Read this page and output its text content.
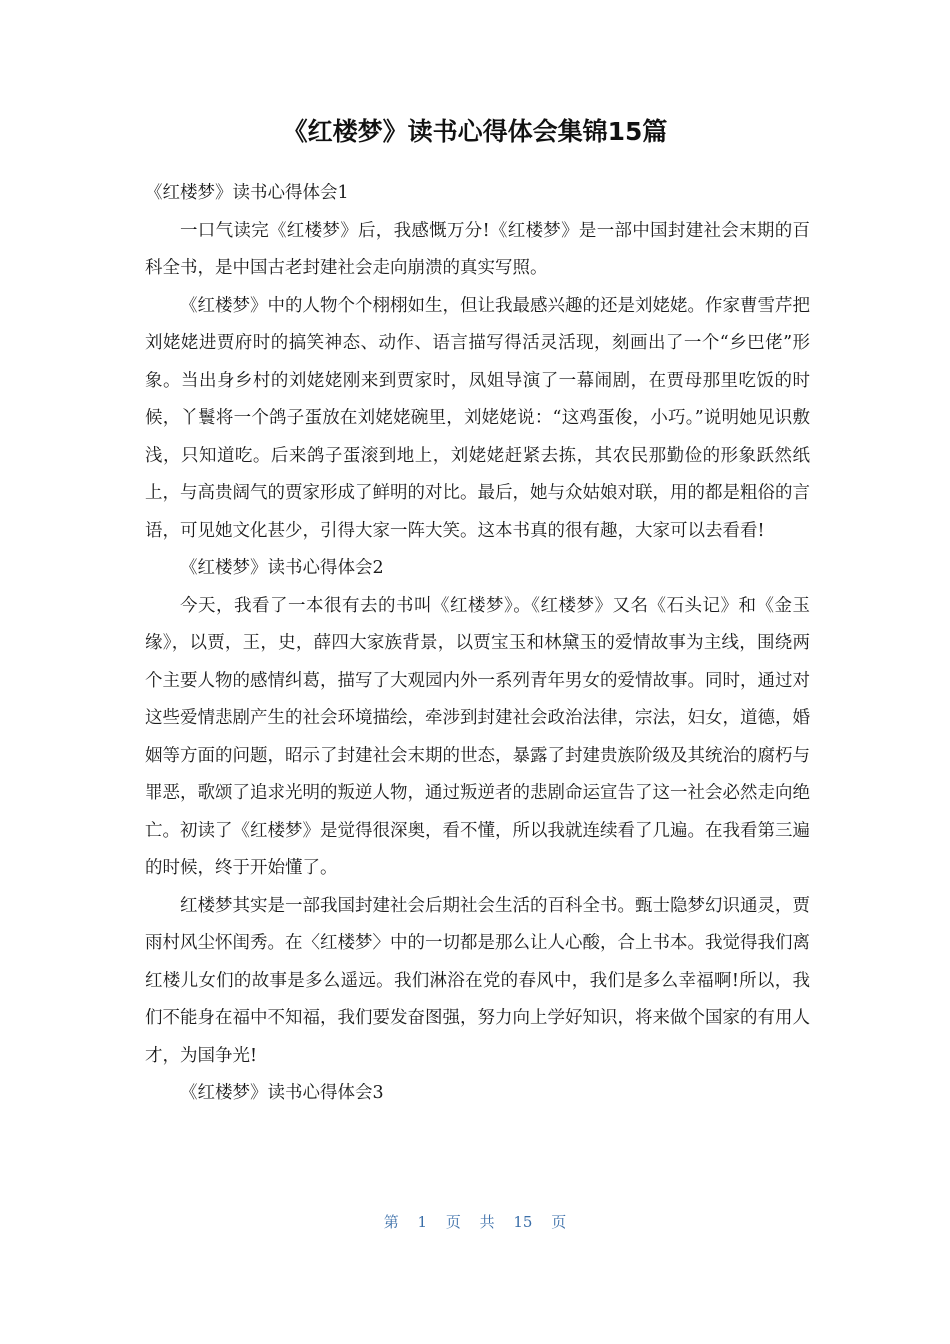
《红楼梦》读书心得体会集锦15篇

《红楼梦》读书心得体会1

一口气读完《红楼梦》后，我感慨万分!《红楼梦》是一部中国封建社会末期的百科全书，是中国古老封建社会走向崩溃的真实写照。

《红楼梦》中的人物个个栩栩如生，但让我最感兴趣的还是刘姥姥。作家曹雪芹把刘姥姥进贾府时的搞笑神态、动作、语言描写得活灵活现，刻画出了一个“乡巴佬”形象。当出身乡村的刘姥姥刚来到贾家时，凤姐导演了一幕闹剧，在贾母那里吃饭的时候，丫鬟将一个鸽子蛋放在刘姥姥碗里，刘姥姥说：“这鸡蛋俊，小巧。”说明她见识敷浅，只知道吃。后来鸽子蛋滚到地上，刘姥姥赶紧去拣，其农民那勤俭的形象跃然纸上，与高贵阔气的贾家形成了鲜明的对比。最后，她与众姑娘对联，用的都是粗俗的言语，可见她文化甚少，引得大家一阵大笑。这本书真的很有趣，大家可以去看看!

《红楼梦》读书心得体会2

今天，我看了一本很有去的书叫《红楼梦》。《红楼梦》又名《石头记》和《金玉缘》，以贾，王，史，薛四大家族背景，以贾宝玉和林黛玉的爱情故事为主线，围绕两个主要人物的感情纠葛，描写了大观园内外一系列青年男女的爱情故事。同时，通过对这些爱情悲剧产生的社会环境描绘，牵涉到封建社会政治法律，宗法，妇女，道德，婚姻等方面的问题，昭示了封建社会末期的世态，暴露了封建贵族阶级及其统治的腐朽与罪恶，歌颂了追求光明的叛逆人物，通过叛逆者的悲剧命运宣告了这一社会必然走向绝亡。初读了《红楼梦》是觉得很深奥，看不懂，所以我就连续看了几遍。在我看第三遍的时候，终于开始懂了。

红楼梦其实是一部我国封建社会后期社会生活的百科全书。甄士隐梦幻识通灵，贾雨村风尘怀闺秀。在〈红楼梦〉中的一切都是那么让人心酸，合上书本。我觉得我们离红楼儿女们的故事是多么遥远。我们淋浴在党的春风中，我们是多么幸福啊!所以，我们不能身在福中不知福，我们要发奋图强，努力向上学好知识，将来做个国家的有用人才，为国争光!

《红楼梦》读书心得体会3

第 1 页 共 15 页
